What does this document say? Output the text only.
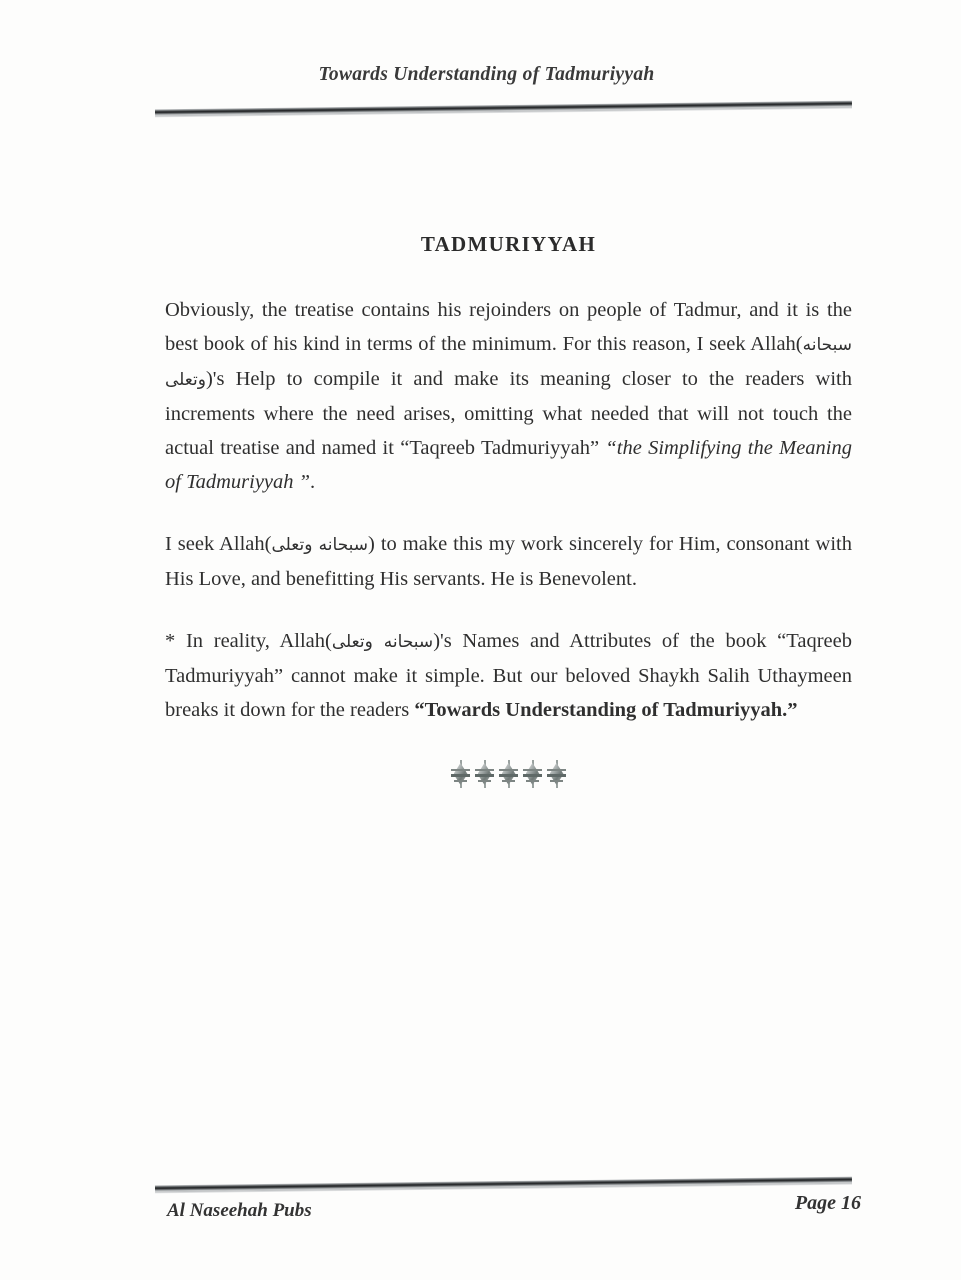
Towards Understanding of Tadmuriyyah
TADMURIYYAH

Obviously, the treatise contains his rejoinders on people of Tadmur, and it is the best book of his kind in terms of the minimum. For this reason, I seek Allah(سبحانه وتعلى)'s Help to compile it and make its meaning closer to the readers with increments where the need arises, omitting what needed that will not touch the actual treatise and named it “Taqreeb Tadmuriyyah” “the Simplifying the Meaning of Tadmuriyyah ”.

I seek Allah(سبحانه وتعلى) to make this my work sincerely for Him, consonant with His Love, and benefitting His servants. He is Benevolent.

* In reality, Allah(سبحانه وتعلى)'s Names and Attributes of the book “Taqreeb Tadmuriyyah” cannot make it simple. But our beloved Shaykh Salih Uthaymeen breaks it down for the readers “Towards Understanding of Tadmuriyyah.”

Al Naseehah Pubs	Page 16
